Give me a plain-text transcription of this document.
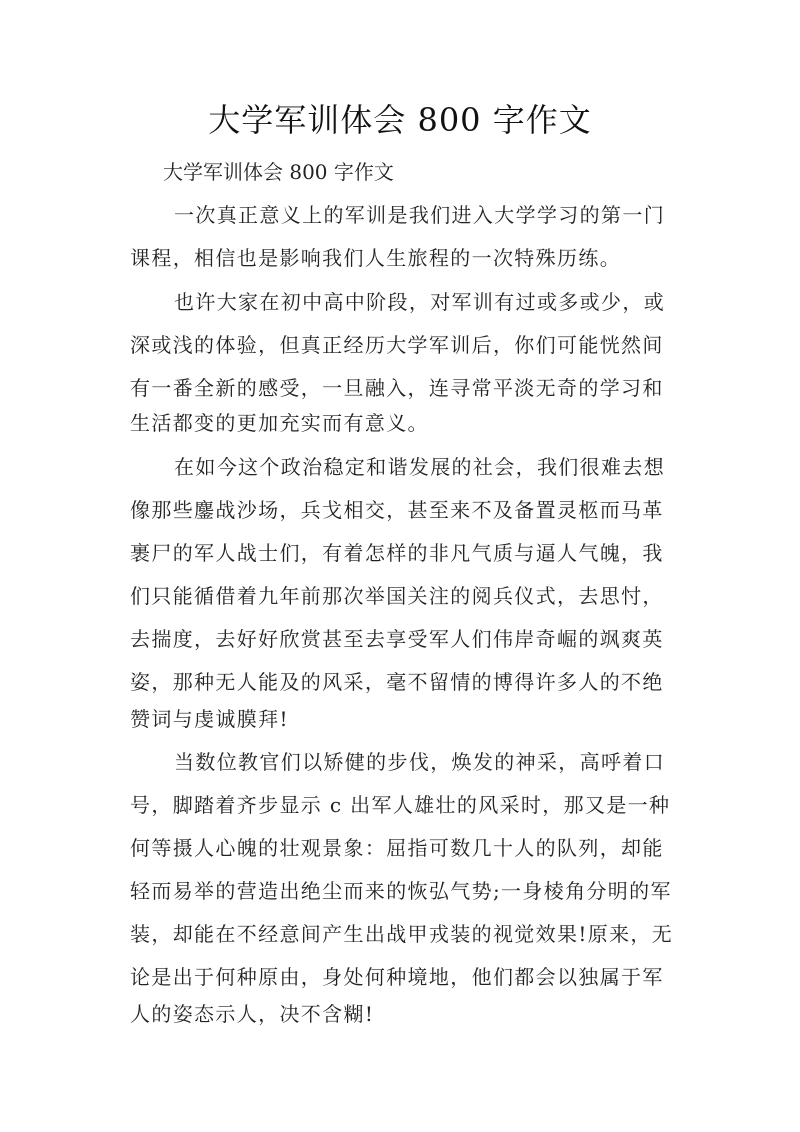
大学军训体会 800 字作文
大学军训体会 800 字作文
一次真正意义上的军训是我们进入大学学习的第一门
课程，相信也是影响我们人生旅程的一次特殊历练。
也许大家在初中高中阶段，对军训有过或多或少，或
深或浅的体验，但真正经历大学军训后，你们可能恍然间
有一番全新的感受，一旦融入，连寻常平淡无奇的学习和
生活都变的更加充实而有意义。
在如今这个政治稳定和谐发展的社会，我们很难去想
像那些鏖战沙场，兵戈相交，甚至来不及备置灵柩而马革
裹尸的军人战士们，有着怎样的非凡气质与逼人气魄，我
们只能循借着九年前那次举国关注的阅兵仪式，去思忖，
去揣度，去好好欣赏甚至去享受军人们伟岸奇崛的飒爽英
姿，那种无人能及的风采，毫不留情的博得许多人的不绝
赞词与虔诚膜拜!
当数位教官们以矫健的步伐，焕发的神采，高呼着口
号，脚踏着齐步显示 c 出军人雄壮的风采时，那又是一种
何等摄人心魄的壮观景象：屈指可数几十人的队列，却能
轻而易举的营造出绝尘而来的恢弘气势;一身棱角分明的军
装，却能在不经意间产生出战甲戎装的视觉效果!原来，无
论是出于何种原由，身处何种境地，他们都会以独属于军
人的姿态示人，决不含糊!
